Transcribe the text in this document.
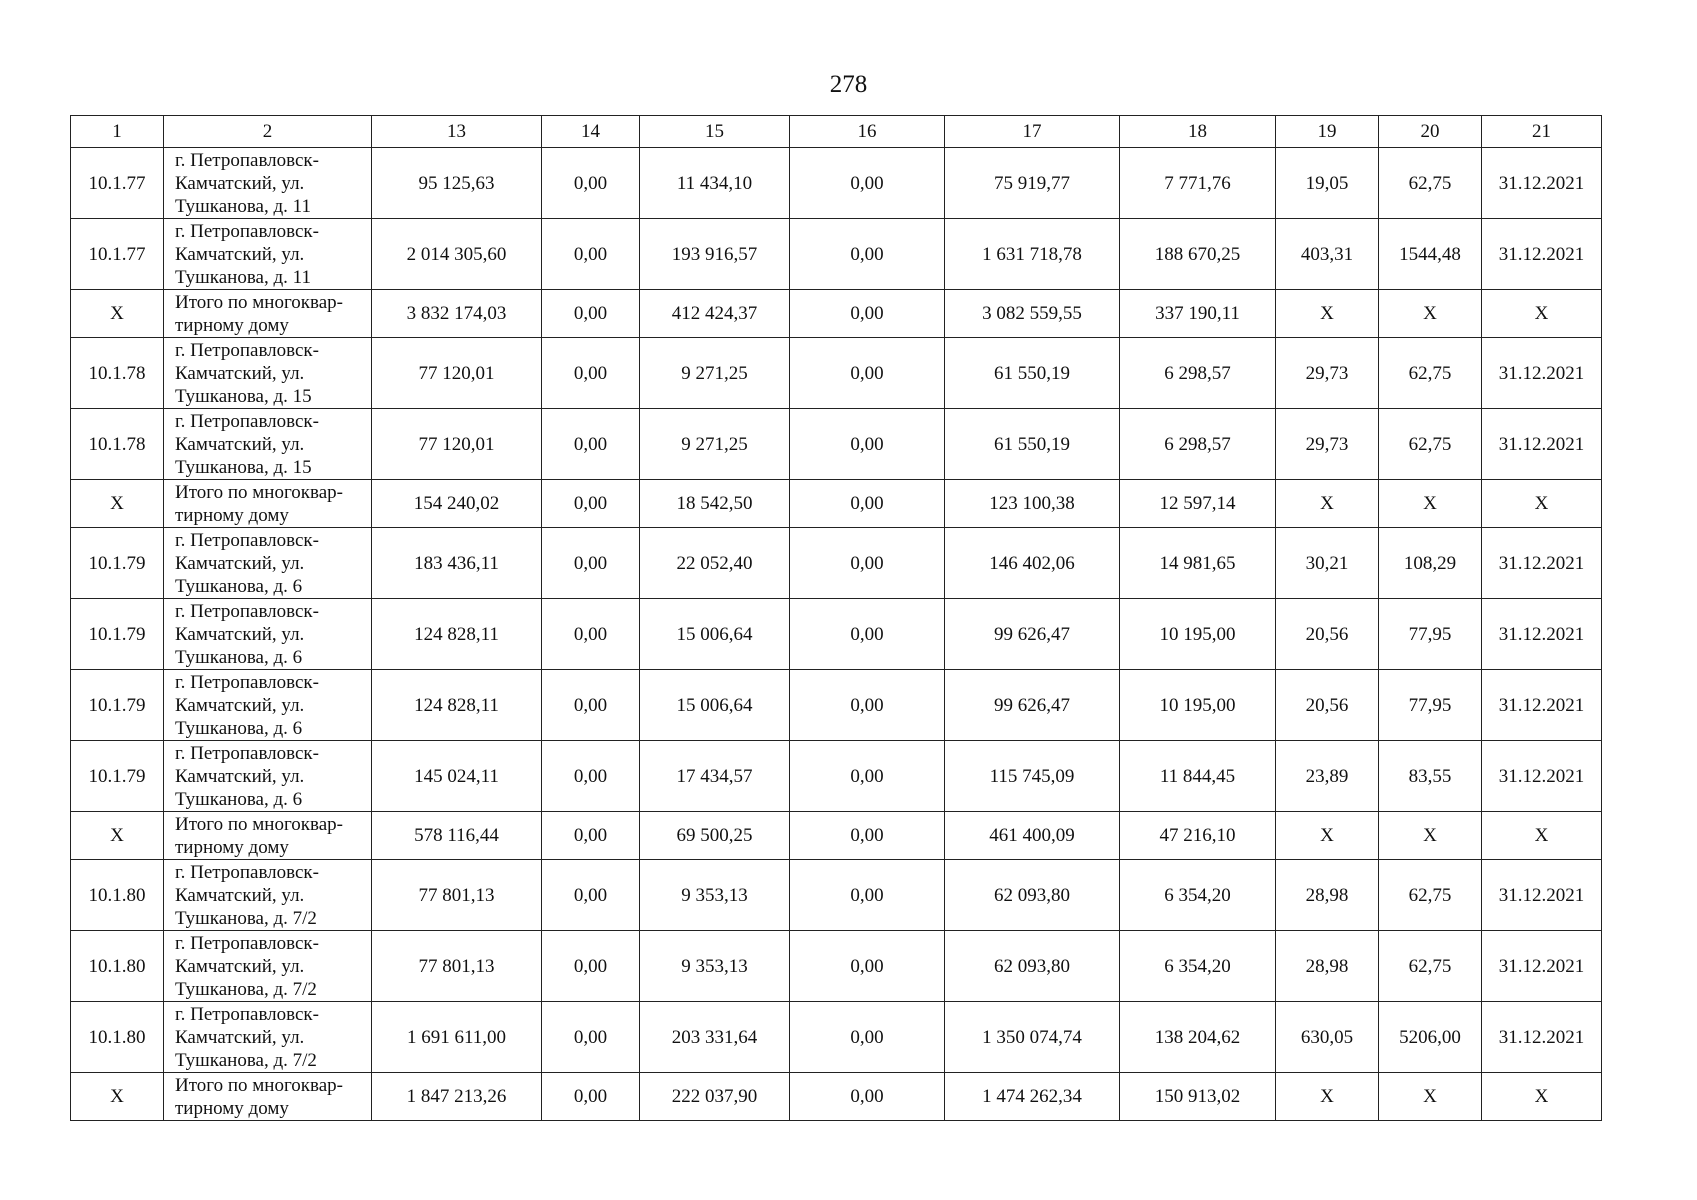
278
1	2	13	14	15	16	17	18	19	20	21
10.1.77	г. Петропавловск-
Камчатский, ул.
Тушканова, д. 11	95 125,63	0,00	11 434,10	0,00	75 919,77	7 771,76	19,05	62,75	31.12.2021
10.1.77	г. Петропавловск-
Камчатский, ул.
Тушканова, д. 11	2 014 305,60	0,00	193 916,57	0,00	1 631 718,78	188 670,25	403,31	1544,48	31.12.2021
X	Итого по многоквар-
тирному дому	3 832 174,03	0,00	412 424,37	0,00	3 082 559,55	337 190,11	X	X	X
10.1.78	г. Петропавловск-
Камчатский, ул.
Тушканова, д. 15	77 120,01	0,00	9 271,25	0,00	61 550,19	6 298,57	29,73	62,75	31.12.2021
10.1.78	г. Петропавловск-
Камчатский, ул.
Тушканова, д. 15	77 120,01	0,00	9 271,25	0,00	61 550,19	6 298,57	29,73	62,75	31.12.2021
X	Итого по многоквар-
тирному дому	154 240,02	0,00	18 542,50	0,00	123 100,38	12 597,14	X	X	X
10.1.79	г. Петропавловск-
Камчатский, ул.
Тушканова, д. 6	183 436,11	0,00	22 052,40	0,00	146 402,06	14 981,65	30,21	108,29	31.12.2021
10.1.79	г. Петропавловск-
Камчатский, ул.
Тушканова, д. 6	124 828,11	0,00	15 006,64	0,00	99 626,47	10 195,00	20,56	77,95	31.12.2021
10.1.79	г. Петропавловск-
Камчатский, ул.
Тушканова, д. 6	124 828,11	0,00	15 006,64	0,00	99 626,47	10 195,00	20,56	77,95	31.12.2021
10.1.79	г. Петропавловск-
Камчатский, ул.
Тушканова, д. 6	145 024,11	0,00	17 434,57	0,00	115 745,09	11 844,45	23,89	83,55	31.12.2021
X	Итого по многоквар-
тирному дому	578 116,44	0,00	69 500,25	0,00	461 400,09	47 216,10	X	X	X
10.1.80	г. Петропавловск-
Камчатский, ул.
Тушканова, д. 7/2	77 801,13	0,00	9 353,13	0,00	62 093,80	6 354,20	28,98	62,75	31.12.2021
10.1.80	г. Петропавловск-
Камчатский, ул.
Тушканова, д. 7/2	77 801,13	0,00	9 353,13	0,00	62 093,80	6 354,20	28,98	62,75	31.12.2021
10.1.80	г. Петропавловск-
Камчатский, ул.
Тушканова, д. 7/2	1 691 611,00	0,00	203 331,64	0,00	1 350 074,74	138 204,62	630,05	5206,00	31.12.2021
X	Итого по многоквар-
тирному дому	1 847 213,26	0,00	222 037,90	0,00	1 474 262,34	150 913,02	X	X	X
